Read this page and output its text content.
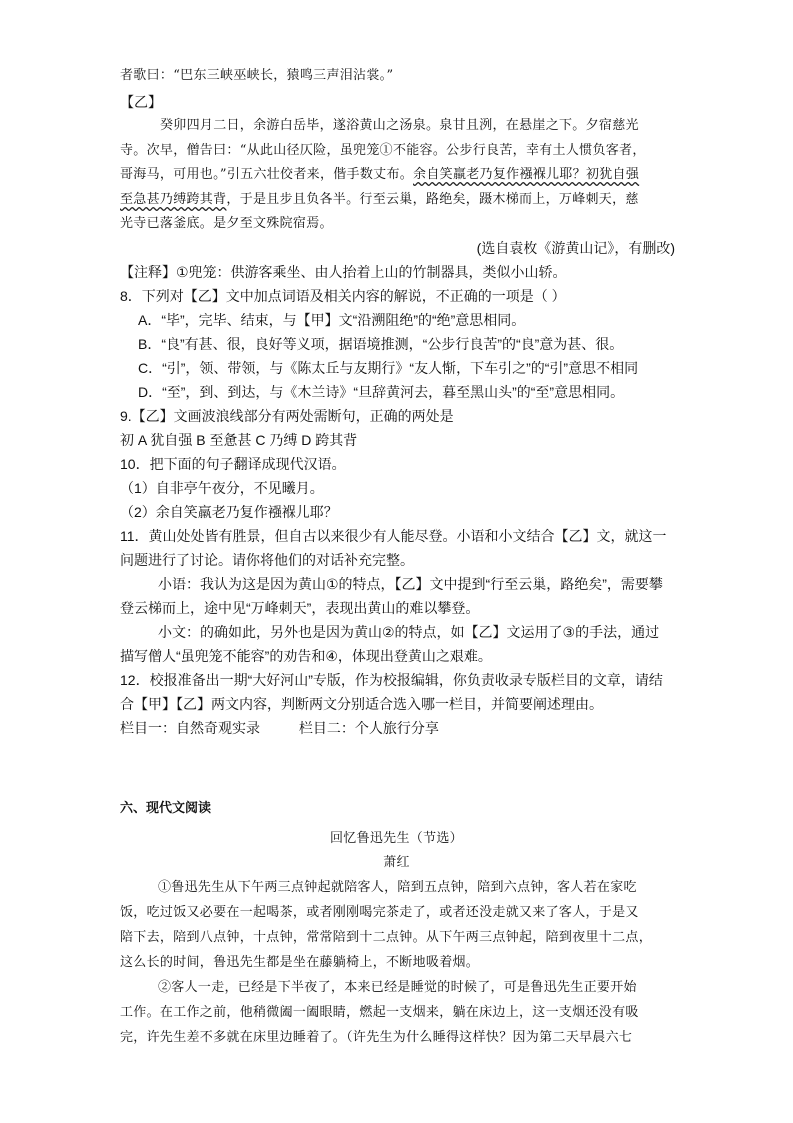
者歌曰：“巴东三峡巫峡长，猿鸣三声泪沾裳。”
【乙】
癸卯四月二日，余游白岳毕，遂浴黄山之汤泉。泉甘且洌，在悬崖之下。夕宿慈光
寺。次早，僧告曰：“从此山径仄险，虽兜笼①不能容。公步行良苦，幸有土人惯负客者，
哥海马，可用也。”引五六壮佼者来，偕手数丈布。余自笑羸老乃复作襁褓儿耶？初犹自强
至急甚乃缚跨其背，于是且步且负各半。行至云巢，路绝矣，蹑木梯而上，万峰刺天，慈
光寺已落釜底。是夕至文殊院宿焉。
(选自袁枚《游黄山记》，有删改)
【注释】①兜笼：供游客乘坐、由人抬着上山的竹制器具，类似小山轿。
8．下列对【乙】文中加点词语及相关内容的解说，不正确的一项是（ ）
A．“毕”，完毕、结束，与【甲】文“沿溯阻绝”的“绝”意思相同。
B．“良”有甚、很，良好等义项，据语境推测，“公步行良苦”的“良”意为甚、很。
C．“引”，领、带领，与《陈太丘与友期行》“友人惭，下车引之”的“引”意思不相同
D．“至”，到、到达，与《木兰诗》“旦辞黄河去，暮至黑山头”的“至”意思相同。
9.【乙】文画波浪线部分有两处需断句，正确的两处是
初 A 犹自强 B 至惫甚 C 乃缚 D 跨其背
10．把下面的句子翻译成现代汉语。
（1）自非亭午夜分，不见曦月。
（2）余自笑羸老乃复作襁褓儿耶？
11．黄山处处皆有胜景，但自古以来很少有人能尽登。小语和小文结合【乙】文，就这一
问题进行了讨论。请你将他们的对话补充完整。
小语：我认为这是因为黄山①的特点，【乙】文中提到“行至云巢，路绝矣”，需要攀
登云梯而上，途中见“万峰刺天”，表现出黄山的难以攀登。
小文：的确如此，另外也是因为黄山②的特点，如【乙】文运用了③的手法，通过
描写僧人“虽兜笼不能容”的劝告和④，体现出登黄山之艰难。
12．校报准备出一期“大好河山”专版，作为校报编辑，你负责收录专版栏目的文章，请结
合【甲】【乙】两文内容，判断两文分别适合选入哪一栏目，并简要阐述理由。
栏目一：自然奇观实录          栏目二：个人旅行分享
六、现代文阅读
回忆鲁迅先生（节选）
萧红
①鲁迅先生从下午两三点钟起就陪客人，陪到五点钟，陪到六点钟，客人若在家吃
饭，吃过饭又必要在一起喝茶，或者刚刚喝完茶走了，或者还没走就又来了客人，于是又
陪下去，陪到八点钟，十点钟，常常陪到十二点钟。从下午两三点钟起，陪到夜里十二点，
这么长的时间，鲁迅先生都是坐在藤躺椅上，不断地吸着烟。
②客人一走，已经是下半夜了，本来已经是睡觉的时候了，可是鲁迅先生正要开始
工作。在工作之前，他稍微阖一阖眼睛，燃起一支烟来，躺在床边上，这一支烟还没有吸
完，许先生差不多就在床里边睡着了。（许先生为什么睡得这样快？因为第二天早晨六七
